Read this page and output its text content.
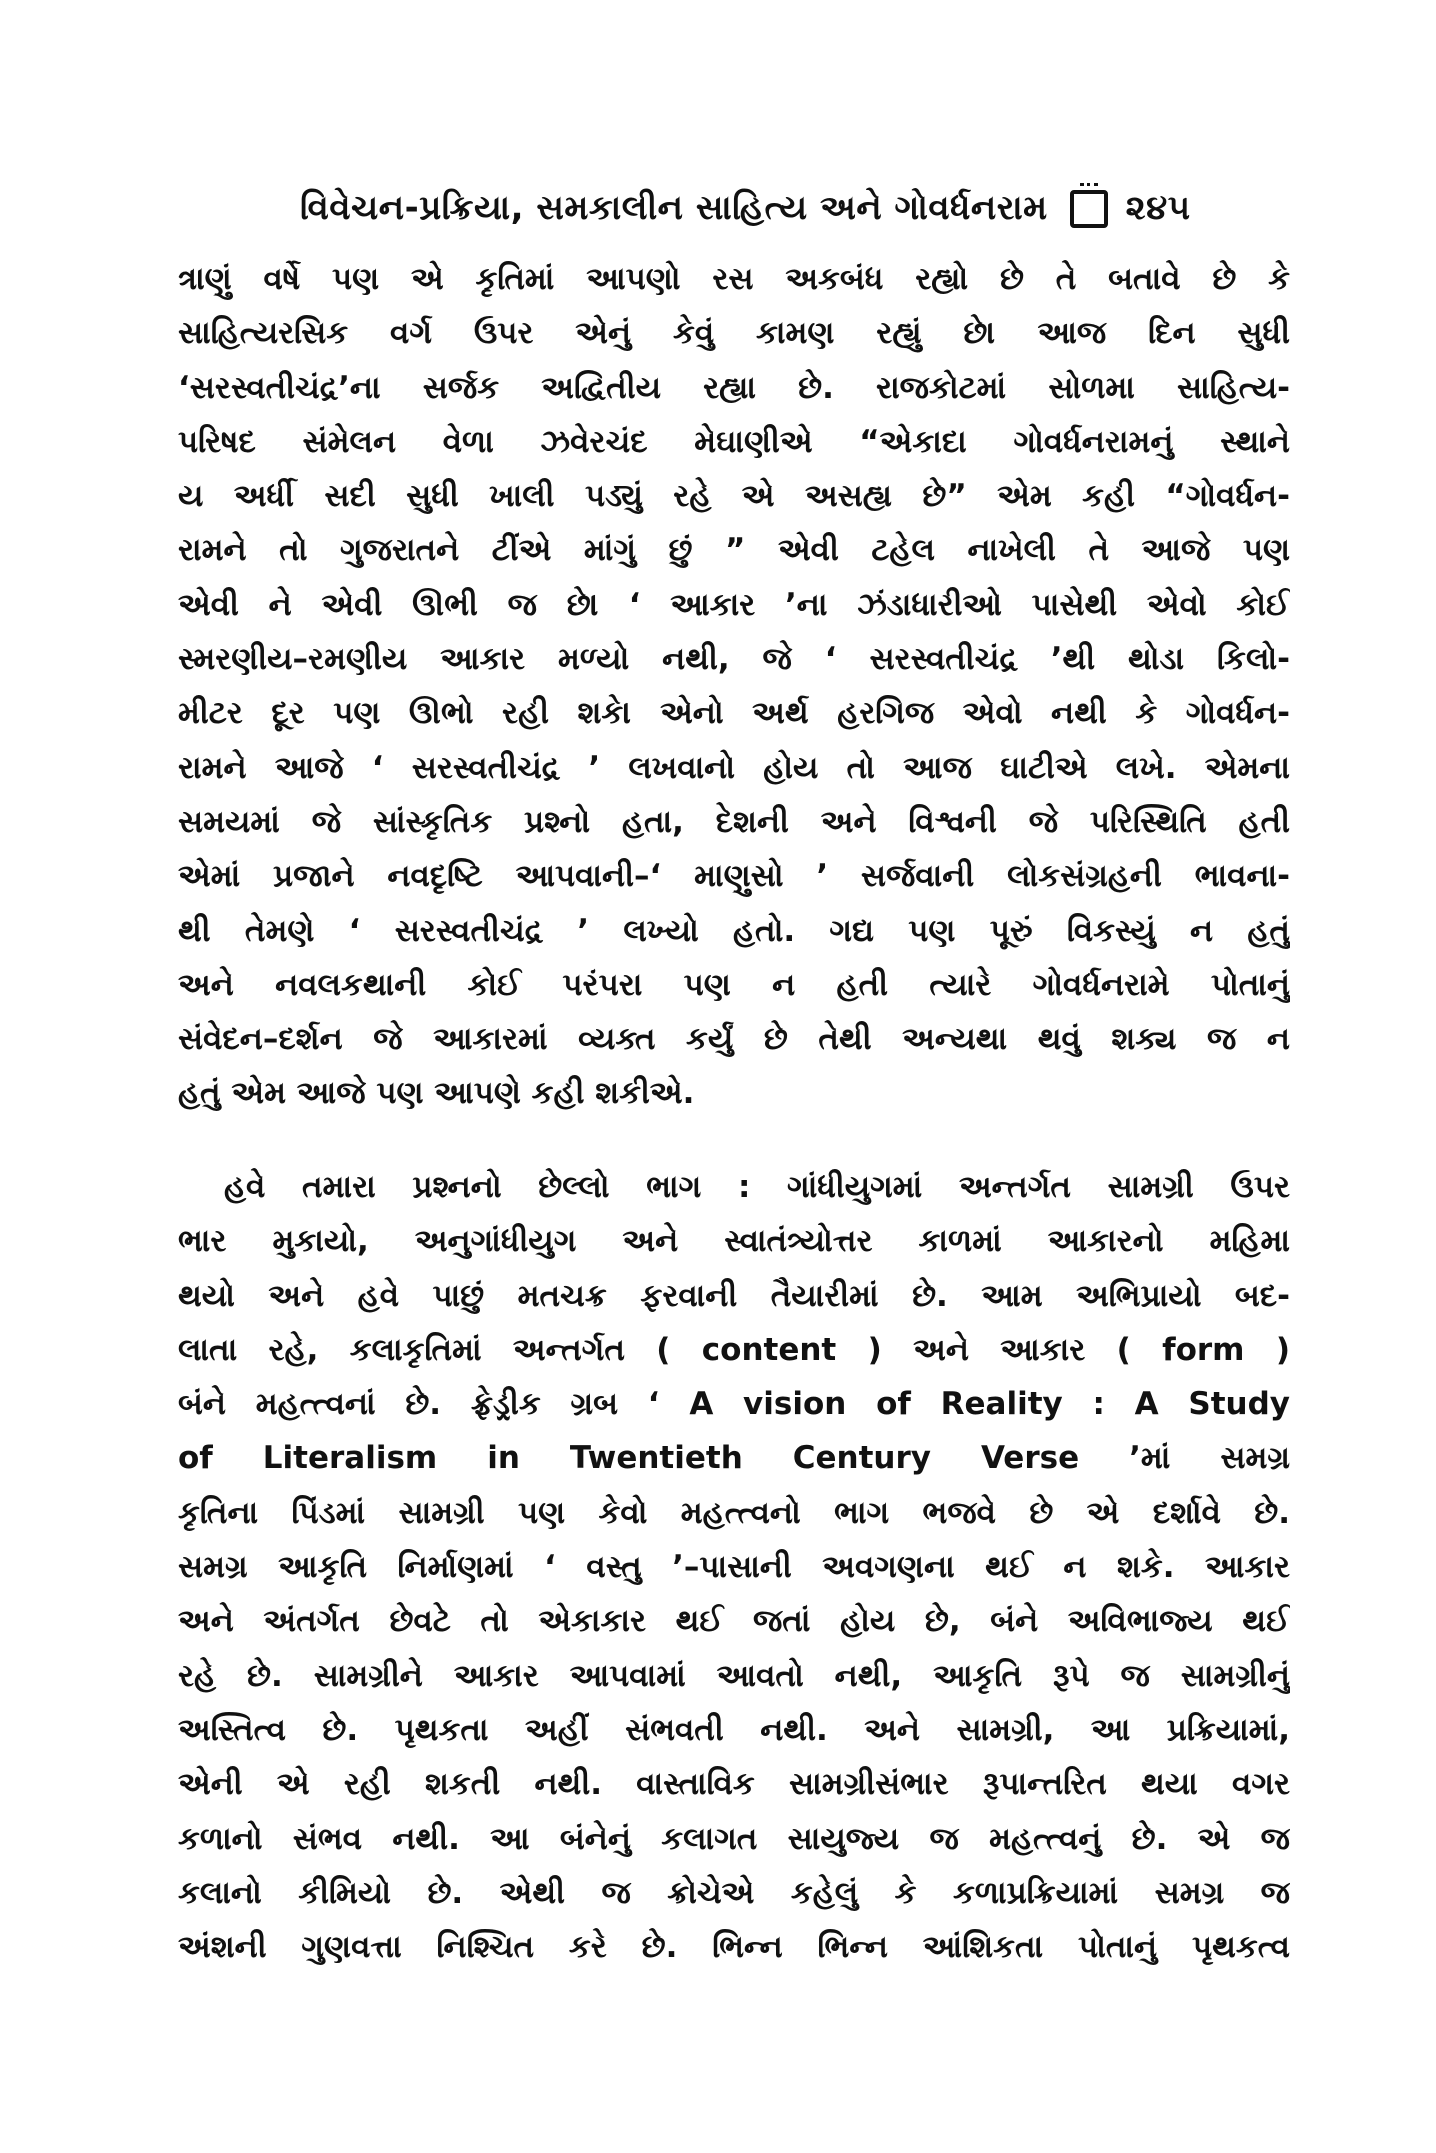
વિવેચન-પ્રક્રિયા, સમકાલીન સાહિત્ય અને ગોવર્ધનરામ ૨૪૫
ત્રાણું વર્ષે પણ એ કૃતિમાં આપણો રસ અકબંધ રહ્યો છે તે બતાવે છે કે
સાહિત્યરસિક વર્ગ ઉપર એનું કેવું કામણ રહ્યું છે। આજ દિન સુધી
‘સરસ્વતીચંદ્ર’ના સર્જક અદ્વિતીય રહ્યા છે. રાજકોટમાં સોળમા સાહિત્ય-
પરિષદ સંમેલન વેળા ઝવેરચંદ મેઘાણીએ “એકાદા ગોવર્ધનરામનું સ્થાને
ય અર્ધી સદી સુધી ખાલી પડ્યું રહે એ અસહ્ય છે” એમ કહી “ગોવર્ધન-
રામને તો ગુજરાતને ટીંએ માંગું છું ” એવી ટહેલ નાખેલી તે આજે પણ
એવી ને એવી ઊભી જ છે। ‘ આકાર ’ના ઝંડાધારીઓ પાસેથી એવો કોઈ
સ્મરણીય–રમણીય આકાર મળ્યો નથી, જે ‘ સરસ્વતીચંદ્ર ’થી થોડા કિલો-
મીટર દૂર પણ ઊભો રહી શકે। એનો અર્થ હરગિજ એવો નથી કે ગોવર્ધન-
રામને આજે ‘ સરસ્વતીચંદ્ર ’ લખવાનો હોય તો આજ ઘાટીએ લખે. એમના
સમયમાં જે સાંસ્કૃતિક પ્રશ્નો હતા, દેશની અને વિશ્વની જે પરિસ્થિતિ હતી
એમાં પ્રજાને નવદૃષ્ટિ આપવાની–‘ માણુસો ’ સર્જવાની લોકસંગ્રહની ભાવના-
થી તેમણે ‘ સરસ્વતીચંદ્ર ’ લખ્યો હતો. ગદ્ય પણ પૂરું વિકસ્યું ન હતું
અને નવલકથાની કોઈ પરંપરા પણ ન હતી ત્યારે ગોવર્ધનરામે પોતાનું
સંવેદન–દર્શન જે આકારમાં વ્યક્ત કર્યું છે તેથી અન્યથા થવું શક્ય જ ન
હતું એમ આજે પણ આપણે કહી શકીએ.
હવે તમારા પ્રશ્નનો છેલ્લો ભાગ : ગાંધીયુગમાં અન્તર્ગત સામગ્રી ઉપર
ભાર મુકાયો, અનુગાંધીયુગ અને સ્વાતંત્ર્યોત્તર કાળમાં આકારનો મહિમા
થયો અને હવે પાછું મતચક્ર ફરવાની તૈયારીમાં છે. આમ અભિપ્રાયો બદ-
લાતા રહે, કલાકૃતિમાં અન્તર્ગત ( content ) અને આકાર ( form )
બંને મહત્ત્વનાં છે. ફ્રેડ્રીક ગ્રબ ‘ A vision of Reality : A Study
of Literalism in Twentieth Century Verse ’માં સમગ્ર
કૃતિના પિંડમાં સામગ્રી પણ કેવો મહત્ત્વનો ભાગ ભજવે છે એ દર્શાવે છે.
સમગ્ર આકૃતિ નિર્માણમાં ‘ વસ્તુ ’–પાસાની અવગણના થઈ ન શકે. આકાર
અને અંતર્ગત છેવટે તો એકાકાર થઈ જતાં હોય છે, બંને અવિભાજ્ય થઈ
રહે છે. સામગ્રીને આકાર આપવામાં આવતો નથી, આકૃતિ રૂપે જ સામગ્રીનું
અસ્તિત્વ છે. પૃથકતા અહીં સંભવતી નથી. અને સામગ્રી, આ પ્રક્રિયામાં,
એની એ રહી શકતી નથી. વાસ્તાવિક સામગ્રીસંભાર રૂપાન્તરિત થયા વગર
કળાનો સંભવ નથી. આ બંનેનું કલાગત સાયુજ્ય જ મહત્ત્વનું છે. એ જ
કલાનો કીમિયો છે. એથી જ ક્રોચેએ કહેલું કે કળાપ્રક્રિયામાં સમગ્ર જ
અંશની ગુણવત્તા નિશ્ચિત કરે છે. ભિન્ન ભિન્ન આંશિકતા પોતાનું પૃથકત્વ
